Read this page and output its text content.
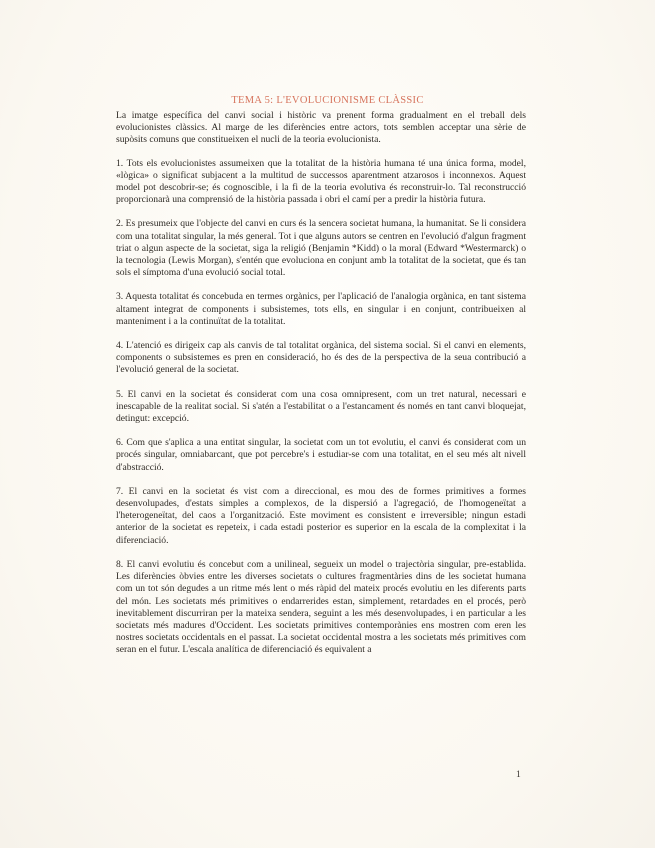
TEMA 5: L'EVOLUCIONISME CLÀSSIC

La imatge específica del canvi social i històric va prenent forma gradualment en el treball dels evolucionistes clàssics. Al marge de les diferències entre actors, tots semblen acceptar una sèrie de supòsits comuns que constitueixen el nucli de la teoria evolucionista.

1. Tots els evolucionistes assumeixen que la totalitat de la història humana té una única forma, model, «lògica» o significat subjacent a la multitud de successos aparentment atzarosos i inconnexos. Aquest model pot descobrir-se; és cognoscible, i la fi de la teoria evolutiva és reconstruir-lo. Tal reconstrucció proporcionarà una comprensió de la història passada i obri el camí per a predir la història futura.

2. Es presumeix que l'objecte del canvi en curs és la sencera societat humana, la humanitat. Se li considera com una totalitat singular, la més general. Tot i que alguns autors se centren en l'evolució d'algun fragment triat o algun aspecte de la societat, siga la religió (Benjamin *Kidd) o la moral (Edward *Westermarck) o la tecnologia (Lewis Morgan), s'entén que evoluciona en conjunt amb la totalitat de la societat, que és tan sols el símptoma d'una evolució social total.

3. Aquesta totalitat és concebuda en termes orgànics, per l'aplicació de l'analogia orgànica, en tant sistema altament integrat de components i subsistemes, tots ells, en singular i en conjunt, contribueixen al manteniment i a la continuïtat de la totalitat.

4. L'atenció es dirigeix cap als canvis de tal totalitat orgànica, del sistema social. Si el canvi en elements, components o subsistemes es pren en consideració, ho és des de la perspectiva de la seua contribució a l'evolució general de la societat.

5. El canvi en la societat és considerat com una cosa omnipresent, com un tret natural, necessari e inescapable de la realitat social. Si s'atén a l'estabilitat o a l'estancament és només en tant canvi bloquejat, detingut: excepció.

6. Com que s'aplica a una entitat singular, la societat com un tot evolutiu, el canvi és considerat com un procés singular, omniabarcant, que pot percebre's i estudiar-se com una totalitat, en el seu més alt nivell d'abstracció.

7. El canvi en la societat és vist com a direccional, es mou des de formes primitives a formes desenvolupades, d'estats simples a complexos, de la dispersió a l'agregació, de l'homogeneïtat a l'heterogeneïtat, del caos a l'organització. Este moviment es consistent e irreversible; ningun estadi anterior de la societat es repeteix, i cada estadi posterior es superior en la escala de la complexitat i la diferenciació.

8. El canvi evolutiu és concebut com a unilineal, segueix un model o trajectòria singular, pre-establida. Les diferències òbvies entre les diverses societats o cultures fragmentàries dins de les societat humana com un tot són degudes a un ritme més lent o més ràpid del mateix procés evolutiu en les diferents parts del món. Les societats més primitives o endarrerides estan, simplement, retardades en el procés, però inevitablement discurriran per la mateixa sendera, seguint a les més desenvolupades, i en particular a les societats més madures d'Occident. Les societats primitives contemporànies ens mostren com eren les nostres societats occidentals en el passat. La societat occidental mostra a les societats més primitives com seran en el futur. L'escala analítica de diferenciació és equivalent a

1
